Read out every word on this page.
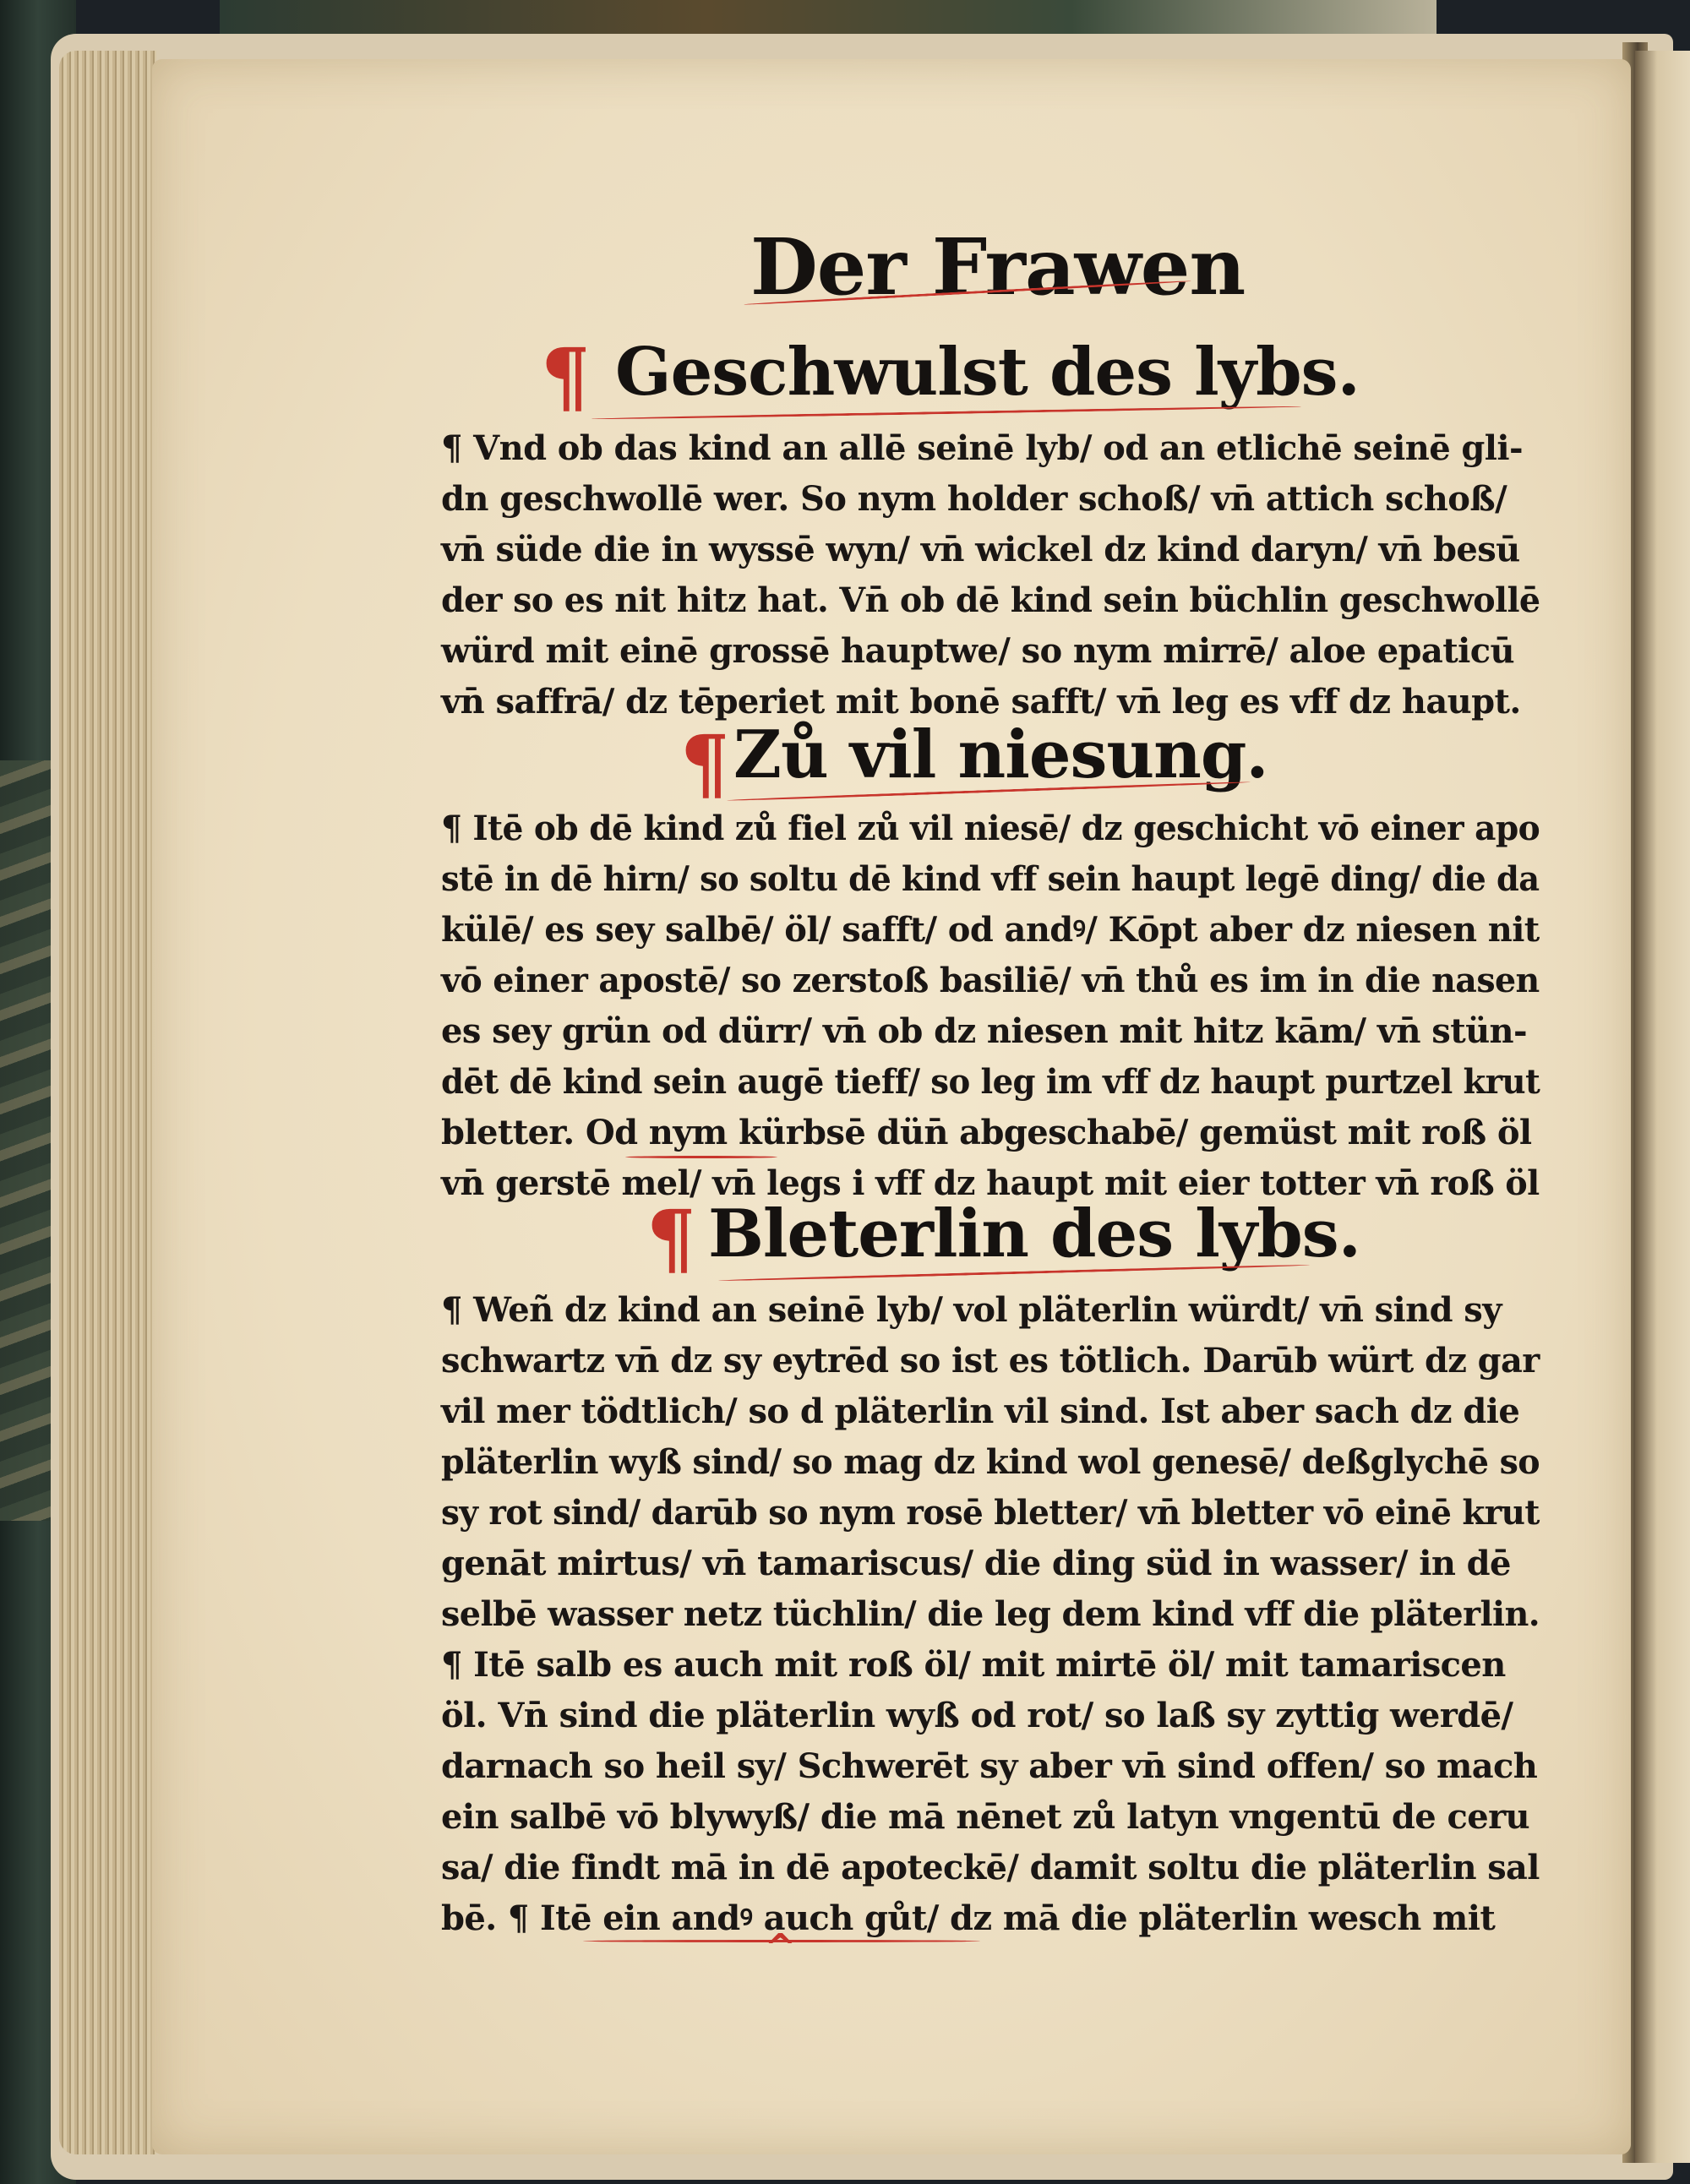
Der Frawen
¶ Geschwulst des lybs.
¶ Vnd ob das kind an allē seinē lyb/ od an etlichē seinē gli-
dn geschwollē wer. So nym holder schoß/ vn̄ attich schoß/
vn̄ süde die in wyssē wyn/ vn̄ wickel dz kind daryn/ vn̄ besū
der so es nit hitz hat. Vn̄ ob dē kind sein büchlin geschwollē
würd mit einē grossē hauptwe/ so nym mirrē/ aloe epaticū
vn̄ saffrā/ dz tēperiet mit bonē safft/ vn̄ leg es vff dz haupt.
¶ Zů vil niesung.
¶ Itē ob dē kind zů fiel zů vil niesē/ dz geschicht vō einer apo
stē in dē hirn/ so soltu dē kind vff sein haupt legē ding/ die da
külē/ es sey salbē/ öl/ safft/ od andꝰ/ Kōpt aber dz niesen nit
vō einer apostē/ so zerstoß basiliē/ vn̄ thů es im in die nasen
es sey grün od dürr/ vn̄ ob dz niesen mit hitz kām/ vn̄ stün-
dēt dē kind sein augē tieff/ so leg im vff dz haupt purtzel krut
bletter. Od nym kürbsē dün̄ abgeschabē/ gemüst mit roß öl
vn̄ gerstē mel/ vn̄ legs i vff dz haupt mit eier totter vn̄ roß öl
¶ Bleterlin des lybs.
¶ Weñ dz kind an seinē lyb/ vol pläterlin würdt/ vn̄ sind sy
schwartz vn̄ dz sy eytrēd so ist es tötlich. Darūb würt dz gar
vil mer tödtlich/ so d pläterlin vil sind. Ist aber sach dz die
pläterlin wyß sind/ so mag dz kind wol genesē/ deßglychē so
sy rot sind/ darūb so nym rosē bletter/ vn̄ bletter vō einē krut
genāt mirtus/ vn̄ tamariscus/ die ding süd in wasser/ in dē
selbē wasser netz tüchlin/ die leg dem kind vff die pläterlin.
¶ Itē salb es auch mit roß öl/ mit mirtē öl/ mit tamariscen
öl. Vn̄ sind die pläterlin wyß od rot/ so laß sy zyttig werdē/
darnach so heil sy/ Schwerēt sy aber vn̄ sind offen/ so mach
ein salbē vō blywyß/ die mā nēnet zů latyn vngentū de ceru
sa/ die findt mā in dē apoteckē/ damit soltu die pläterlin sal
bē. ¶ Itē ein andꝰ auch gůt/ dz mā die pläterlin wesch mit
^
